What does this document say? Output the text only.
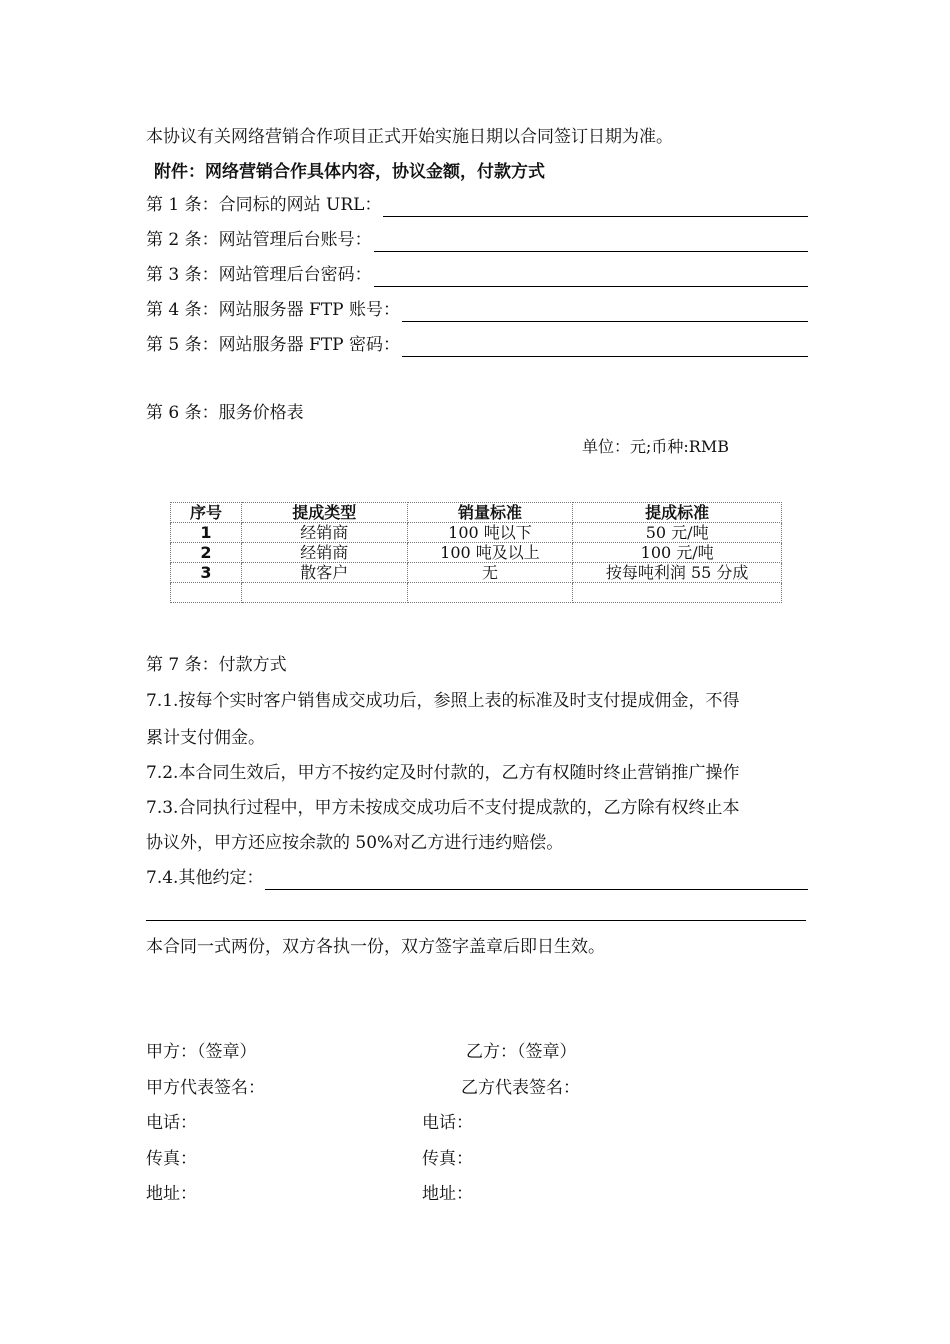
本协议有关网络营销合作项目正式开始实施日期以合同签订日期为准。
附件：网络营销合作具体内容，协议金额，付款方式
第 1 条：合同标的网站 URL：
第 2 条：网站管理后台账号：
第 3 条：网站管理后台密码：
第 4 条：网站服务器 FTP 账号：
第 5 条：网站服务器 FTP 密码：
第 6 条：服务价格表
单位：元;币种:RMB
序号	提成类型	销量标准	提成标准
1	经销商	100 吨以下	50 元/吨
2	经销商	100 吨及以上	100 元/吨
3	散客户	无	按每吨利润 55 分成

第 7 条：付款方式
7.1.按每个实时客户销售成交成功后，参照上表的标准及时支付提成佣金，不得
累计支付佣金。
7.2.本合同生效后，甲方不按约定及时付款的，乙方有权随时终止营销推广操作
7.3.合同执行过程中，甲方未按成交成功后不支付提成款的，乙方除有权终止本
协议外，甲方还应按余款的 50%对乙方进行违约赔偿。
7.4.其他约定：
本合同一式两份，双方各执一份，双方签字盖章后即日生效。
甲方：（签章）	乙方：（签章）
甲方代表签名：	乙方代表签名：
电话：	电话：
传真：	传真：
地址：	地址：
